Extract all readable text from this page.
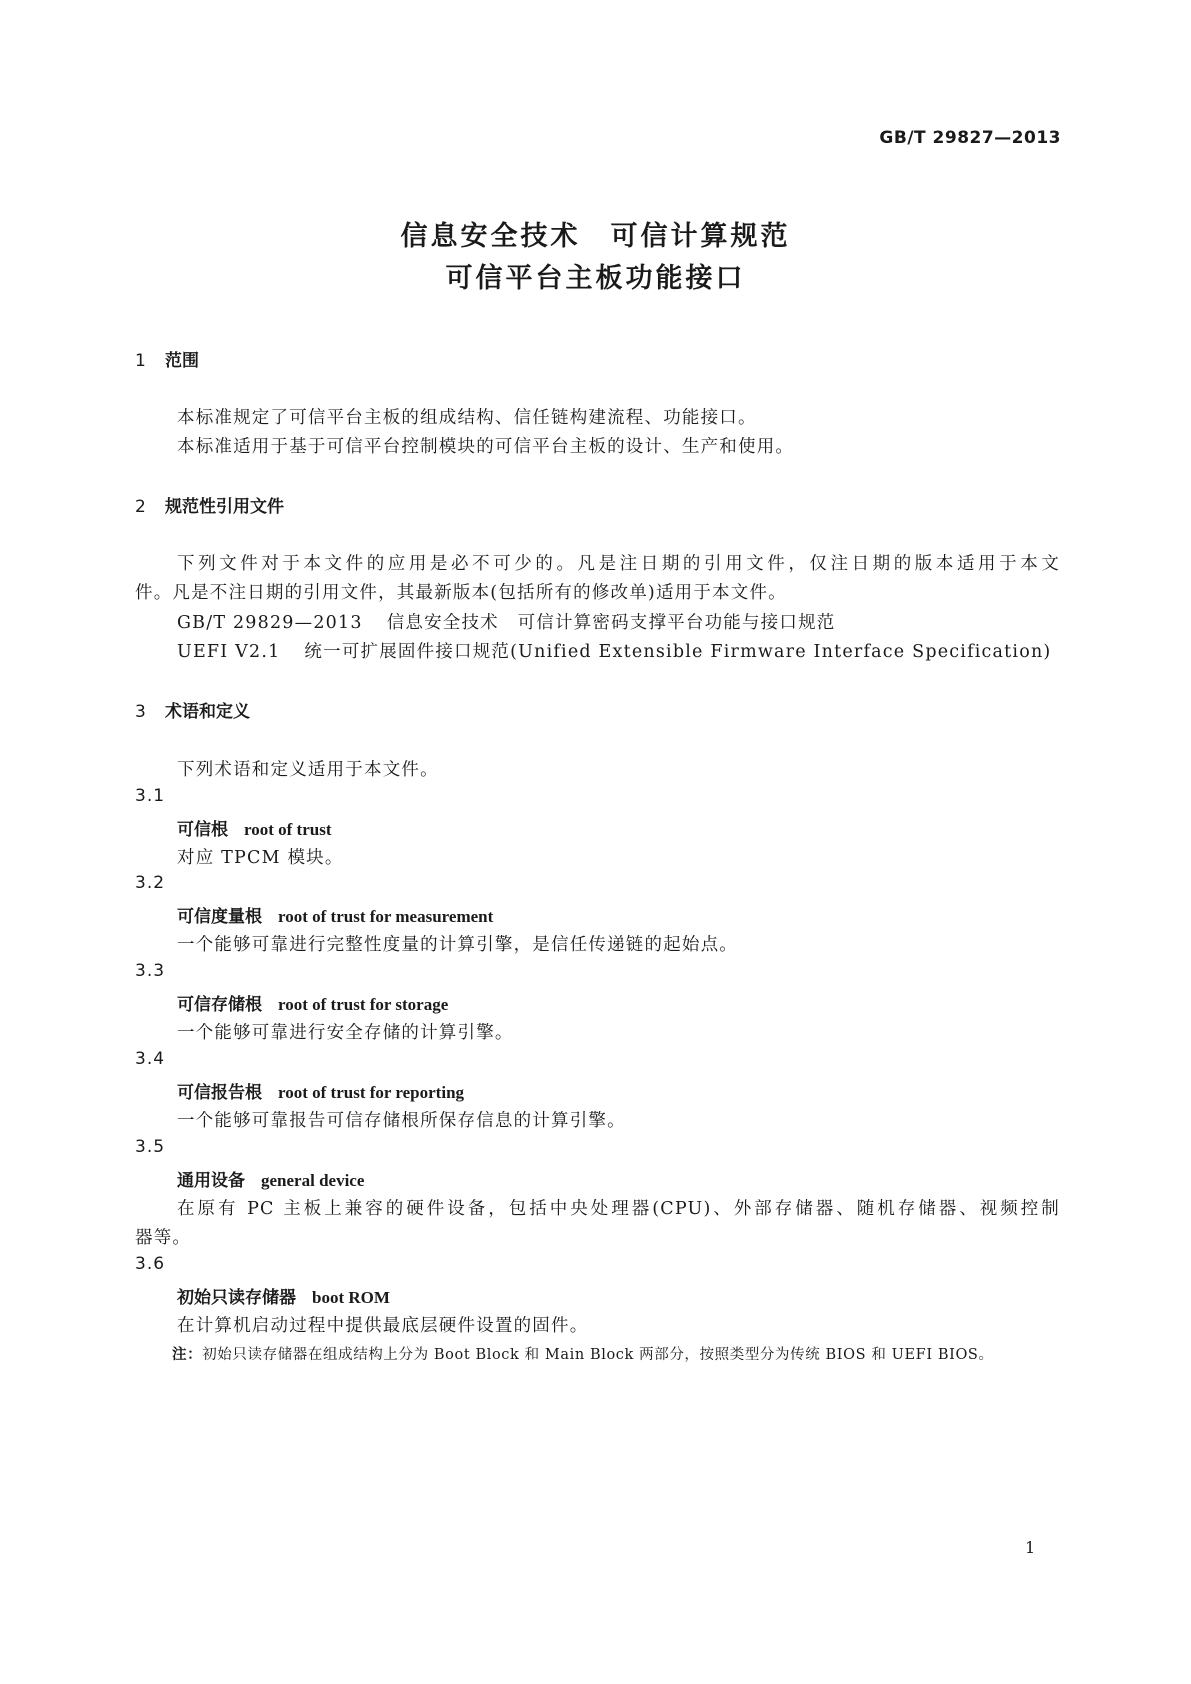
GB/T 29827—2013
信息安全技术　可信计算规范
可信平台主板功能接口
1 范围
本标准规定了可信平台主板的组成结构、信任链构建流程、功能接口。
本标准适用于基于可信平台控制模块的可信平台主板的设计、生产和使用。
2 规范性引用文件
下列文件对于本文件的应用是必不可少的。凡是注日期的引用文件，仅注日期的版本适用于本文
件。凡是不注日期的引用文件，其最新版本(包括所有的修改单)适用于本文件。
GB/T 29829—2013 信息安全技术　可信计算密码支撑平台功能与接口规范
UEFI V2.1 统一可扩展固件接口规范(Unified Extensible Firmware Interface Specification)
3 术语和定义
下列术语和定义适用于本文件。
3.1
可信根 root of trust
对应 TPCM 模块。
3.2
可信度量根 root of trust for measurement
一个能够可靠进行完整性度量的计算引擎，是信任传递链的起始点。
3.3
可信存储根 root of trust for storage
一个能够可靠进行安全存储的计算引擎。
3.4
可信报告根 root of trust for reporting
一个能够可靠报告可信存储根所保存信息的计算引擎。
3.5
通用设备 general device
在原有 PC 主板上兼容的硬件设备，包括中央处理器(CPU)、外部存储器、随机存储器、视频控制
器等。
3.6
初始只读存储器 boot ROM
在计算机启动过程中提供最底层硬件设置的固件。
注：初始只读存储器在组成结构上分为 Boot Block 和 Main Block 两部分，按照类型分为传统 BIOS 和 UEFI BIOS。
1
